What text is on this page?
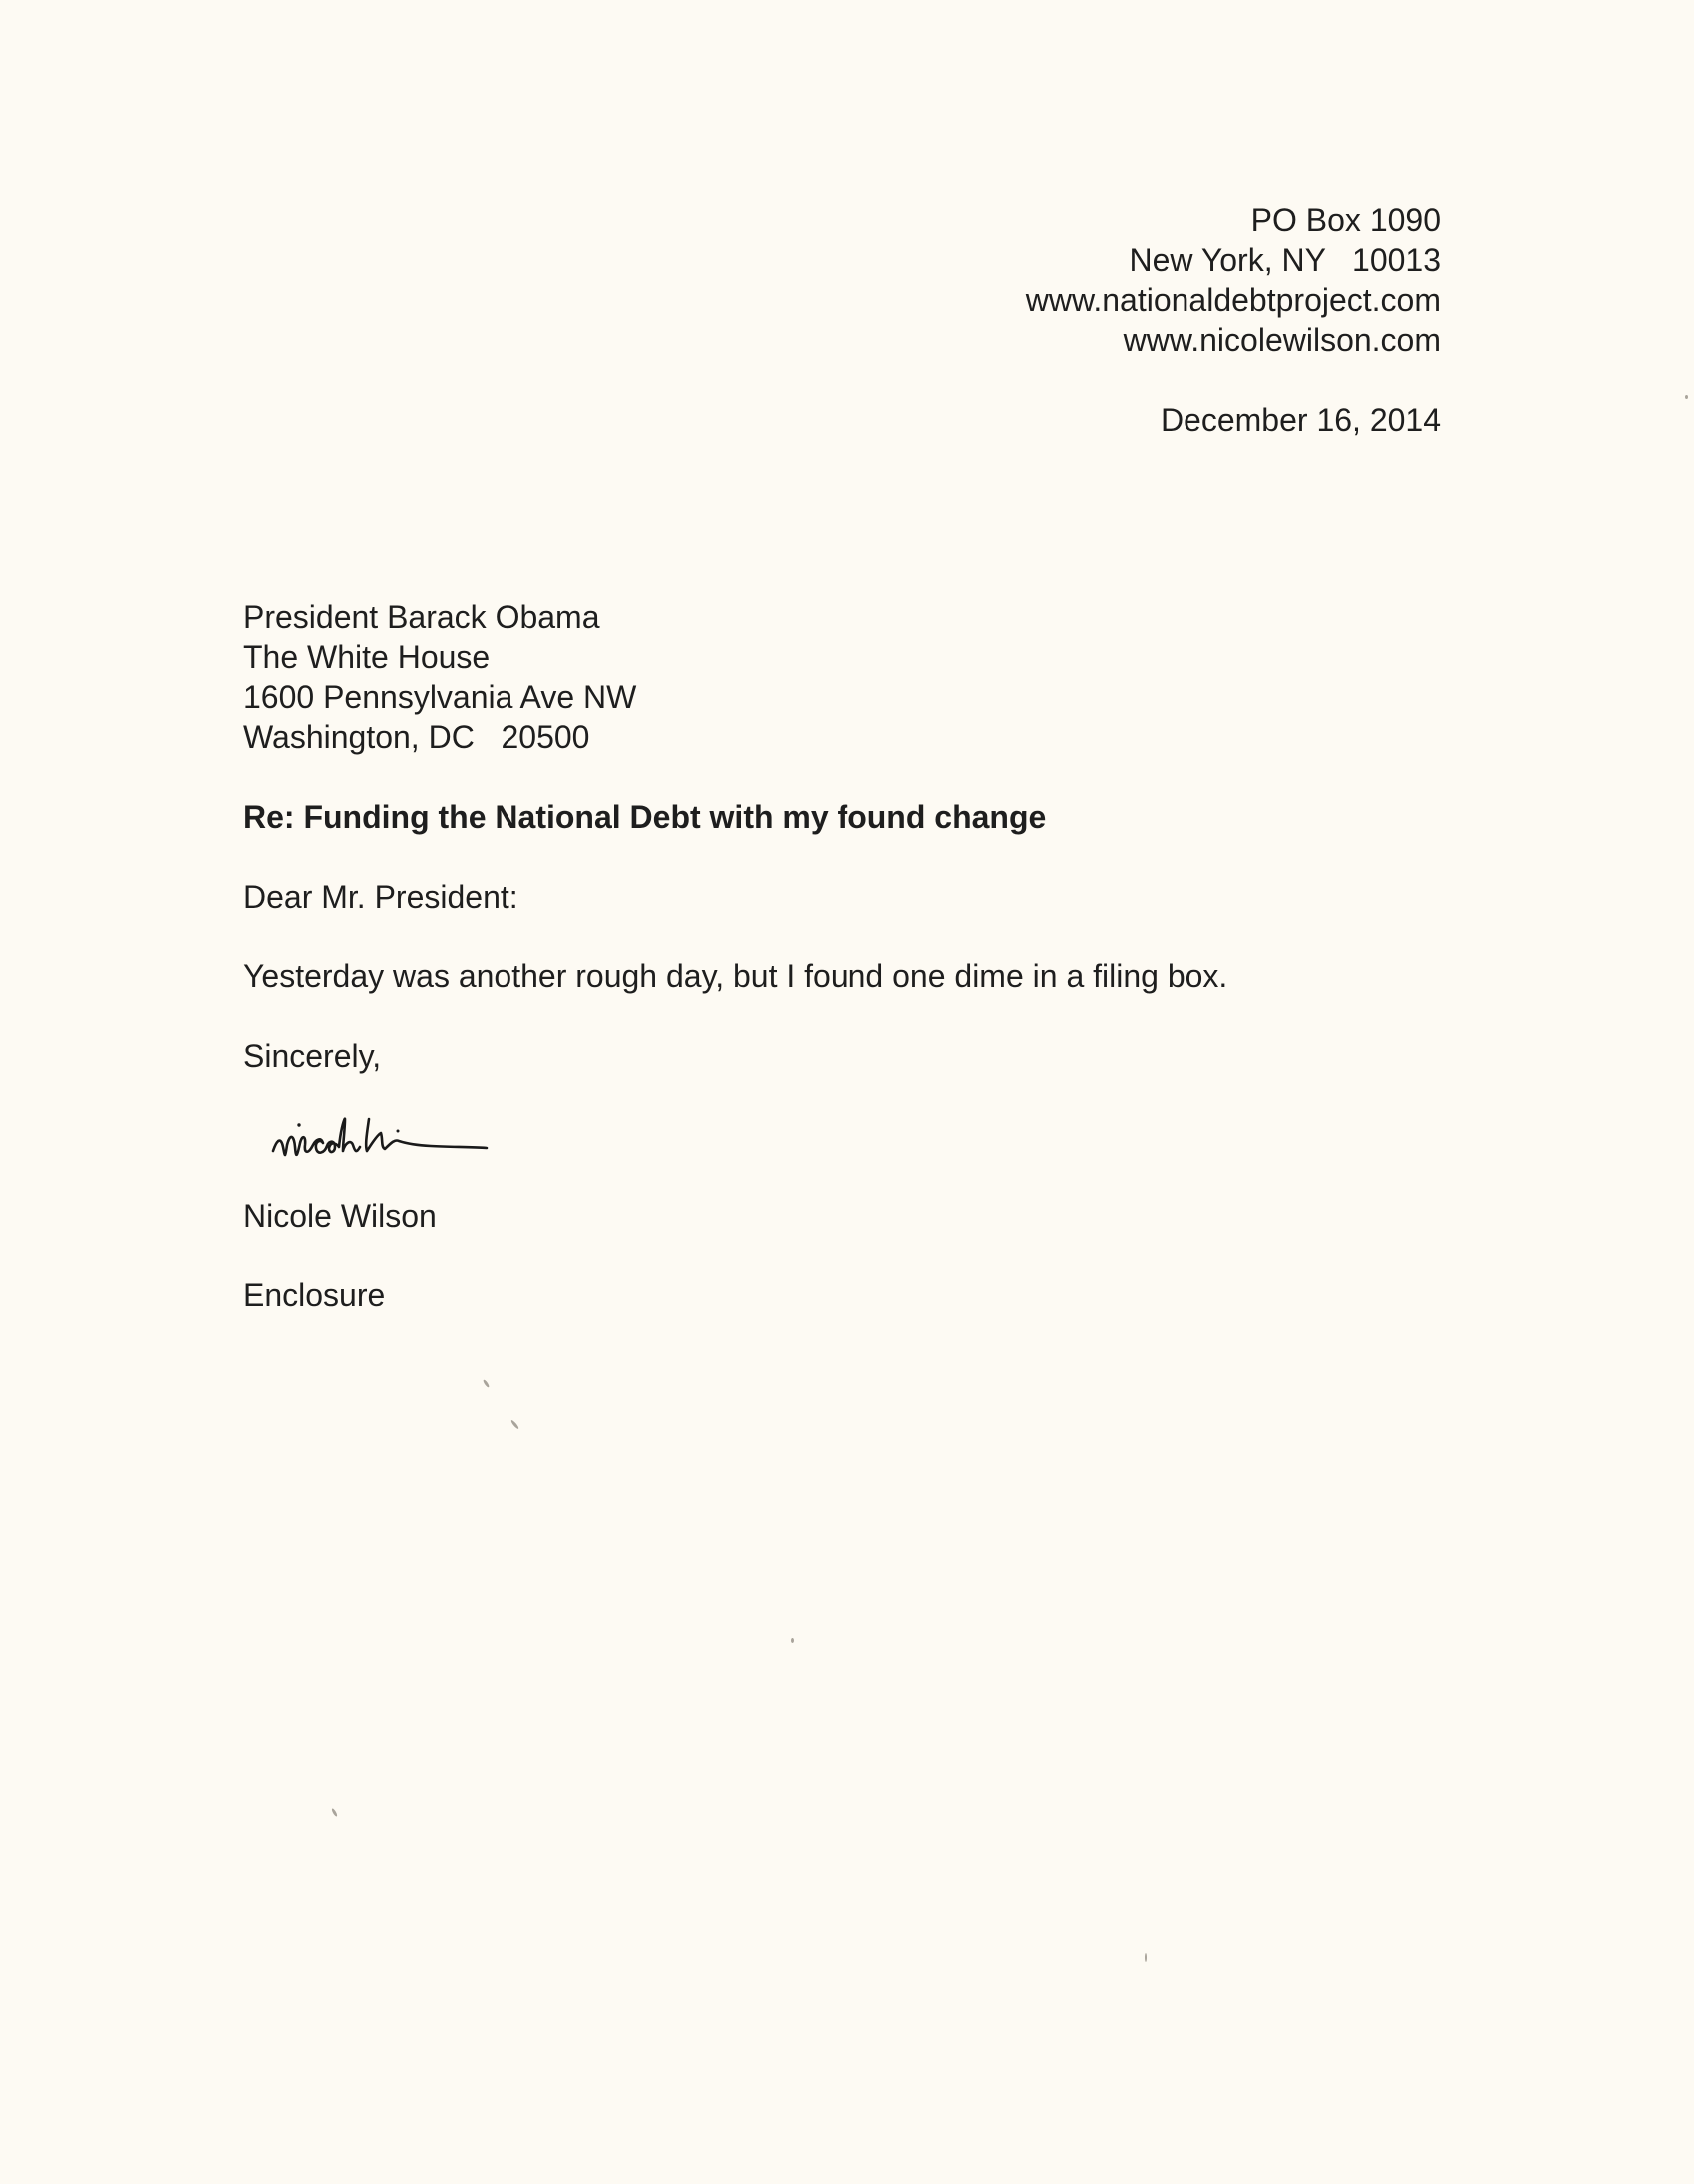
PO Box 1090

New York, NY   10013

www.nationaldebtproject.com

www.nicolewilson.com

December 16, 2014

President Barack Obama

The White House

1600 Pennsylvania Ave NW

Washington, DC   20500

Re: Funding the National Debt with my found change

Dear Mr. President:

Yesterday was another rough day, but I found one dime in a filing box.

Sincerely,

Nicole Wilson

Enclosure
